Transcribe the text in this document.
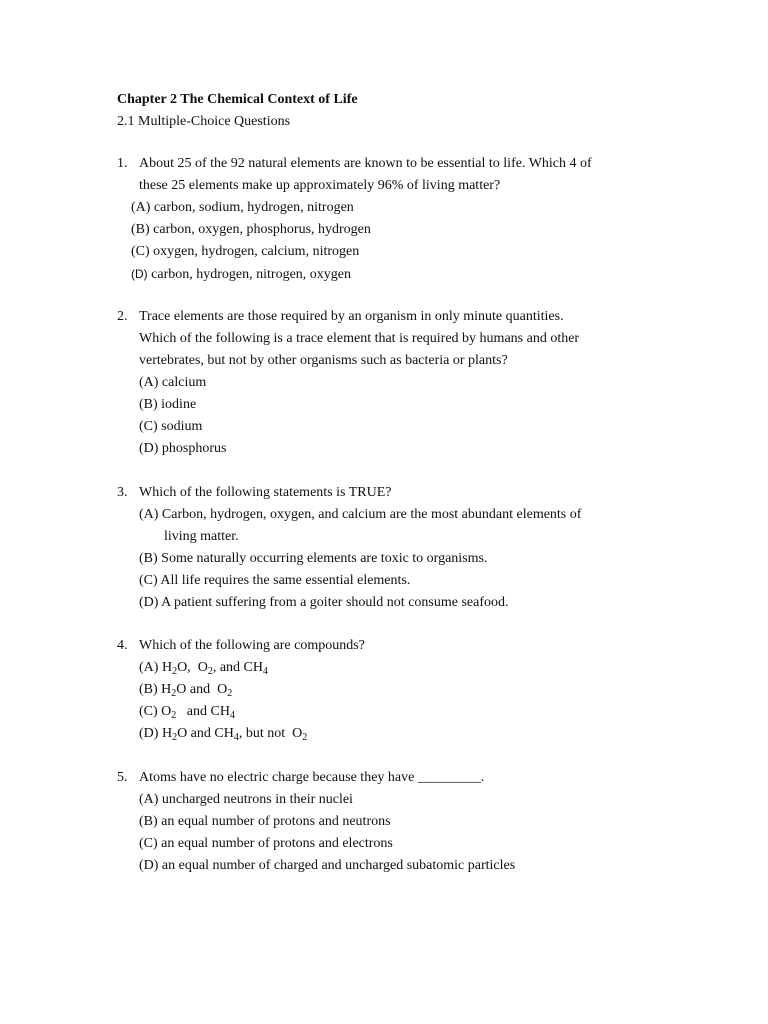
Chapter 2 The Chemical Context of Life
2.1 Multiple-Choice Questions
1. About 25 of the 92 natural elements are known to be essential to life. Which 4 of
these 25 elements make up approximately 96% of living matter?
(A) carbon, sodium, hydrogen, nitrogen
(B) carbon, oxygen, phosphorus, hydrogen
(C) oxygen, hydrogen, calcium, nitrogen
(D) carbon, hydrogen, nitrogen, oxygen
2. Trace elements are those required by an organism in only minute quantities.
Which of the following is a trace element that is required by humans and other
vertebrates, but not by other organisms such as bacteria or plants?
(A) calcium
(B) iodine
(C) sodium
(D) phosphorus
3. Which of the following statements is TRUE?
(A) Carbon, hydrogen, oxygen, and calcium are the most abundant elements of
living matter.
(B) Some naturally occurring elements are toxic to organisms.
(C) All life requires the same essential elements.
(D) A patient suffering from a goiter should not consume seafood.
4. Which of the following are compounds?
(A) $H_2O$, $O_2$, and $CH_4$
(B) $H_2O$ and $O_2$
(C) $O_2$ and $CH_4$
(D) $H_2O$ and $CH_4$, but not $O_2$
5. Atoms have no electric charge because they have _________.
(A) uncharged neutrons in their nuclei
(B) an equal number of protons and neutrons
(C) an equal number of protons and electrons
(D) an equal number of charged and uncharged subatomic particles
